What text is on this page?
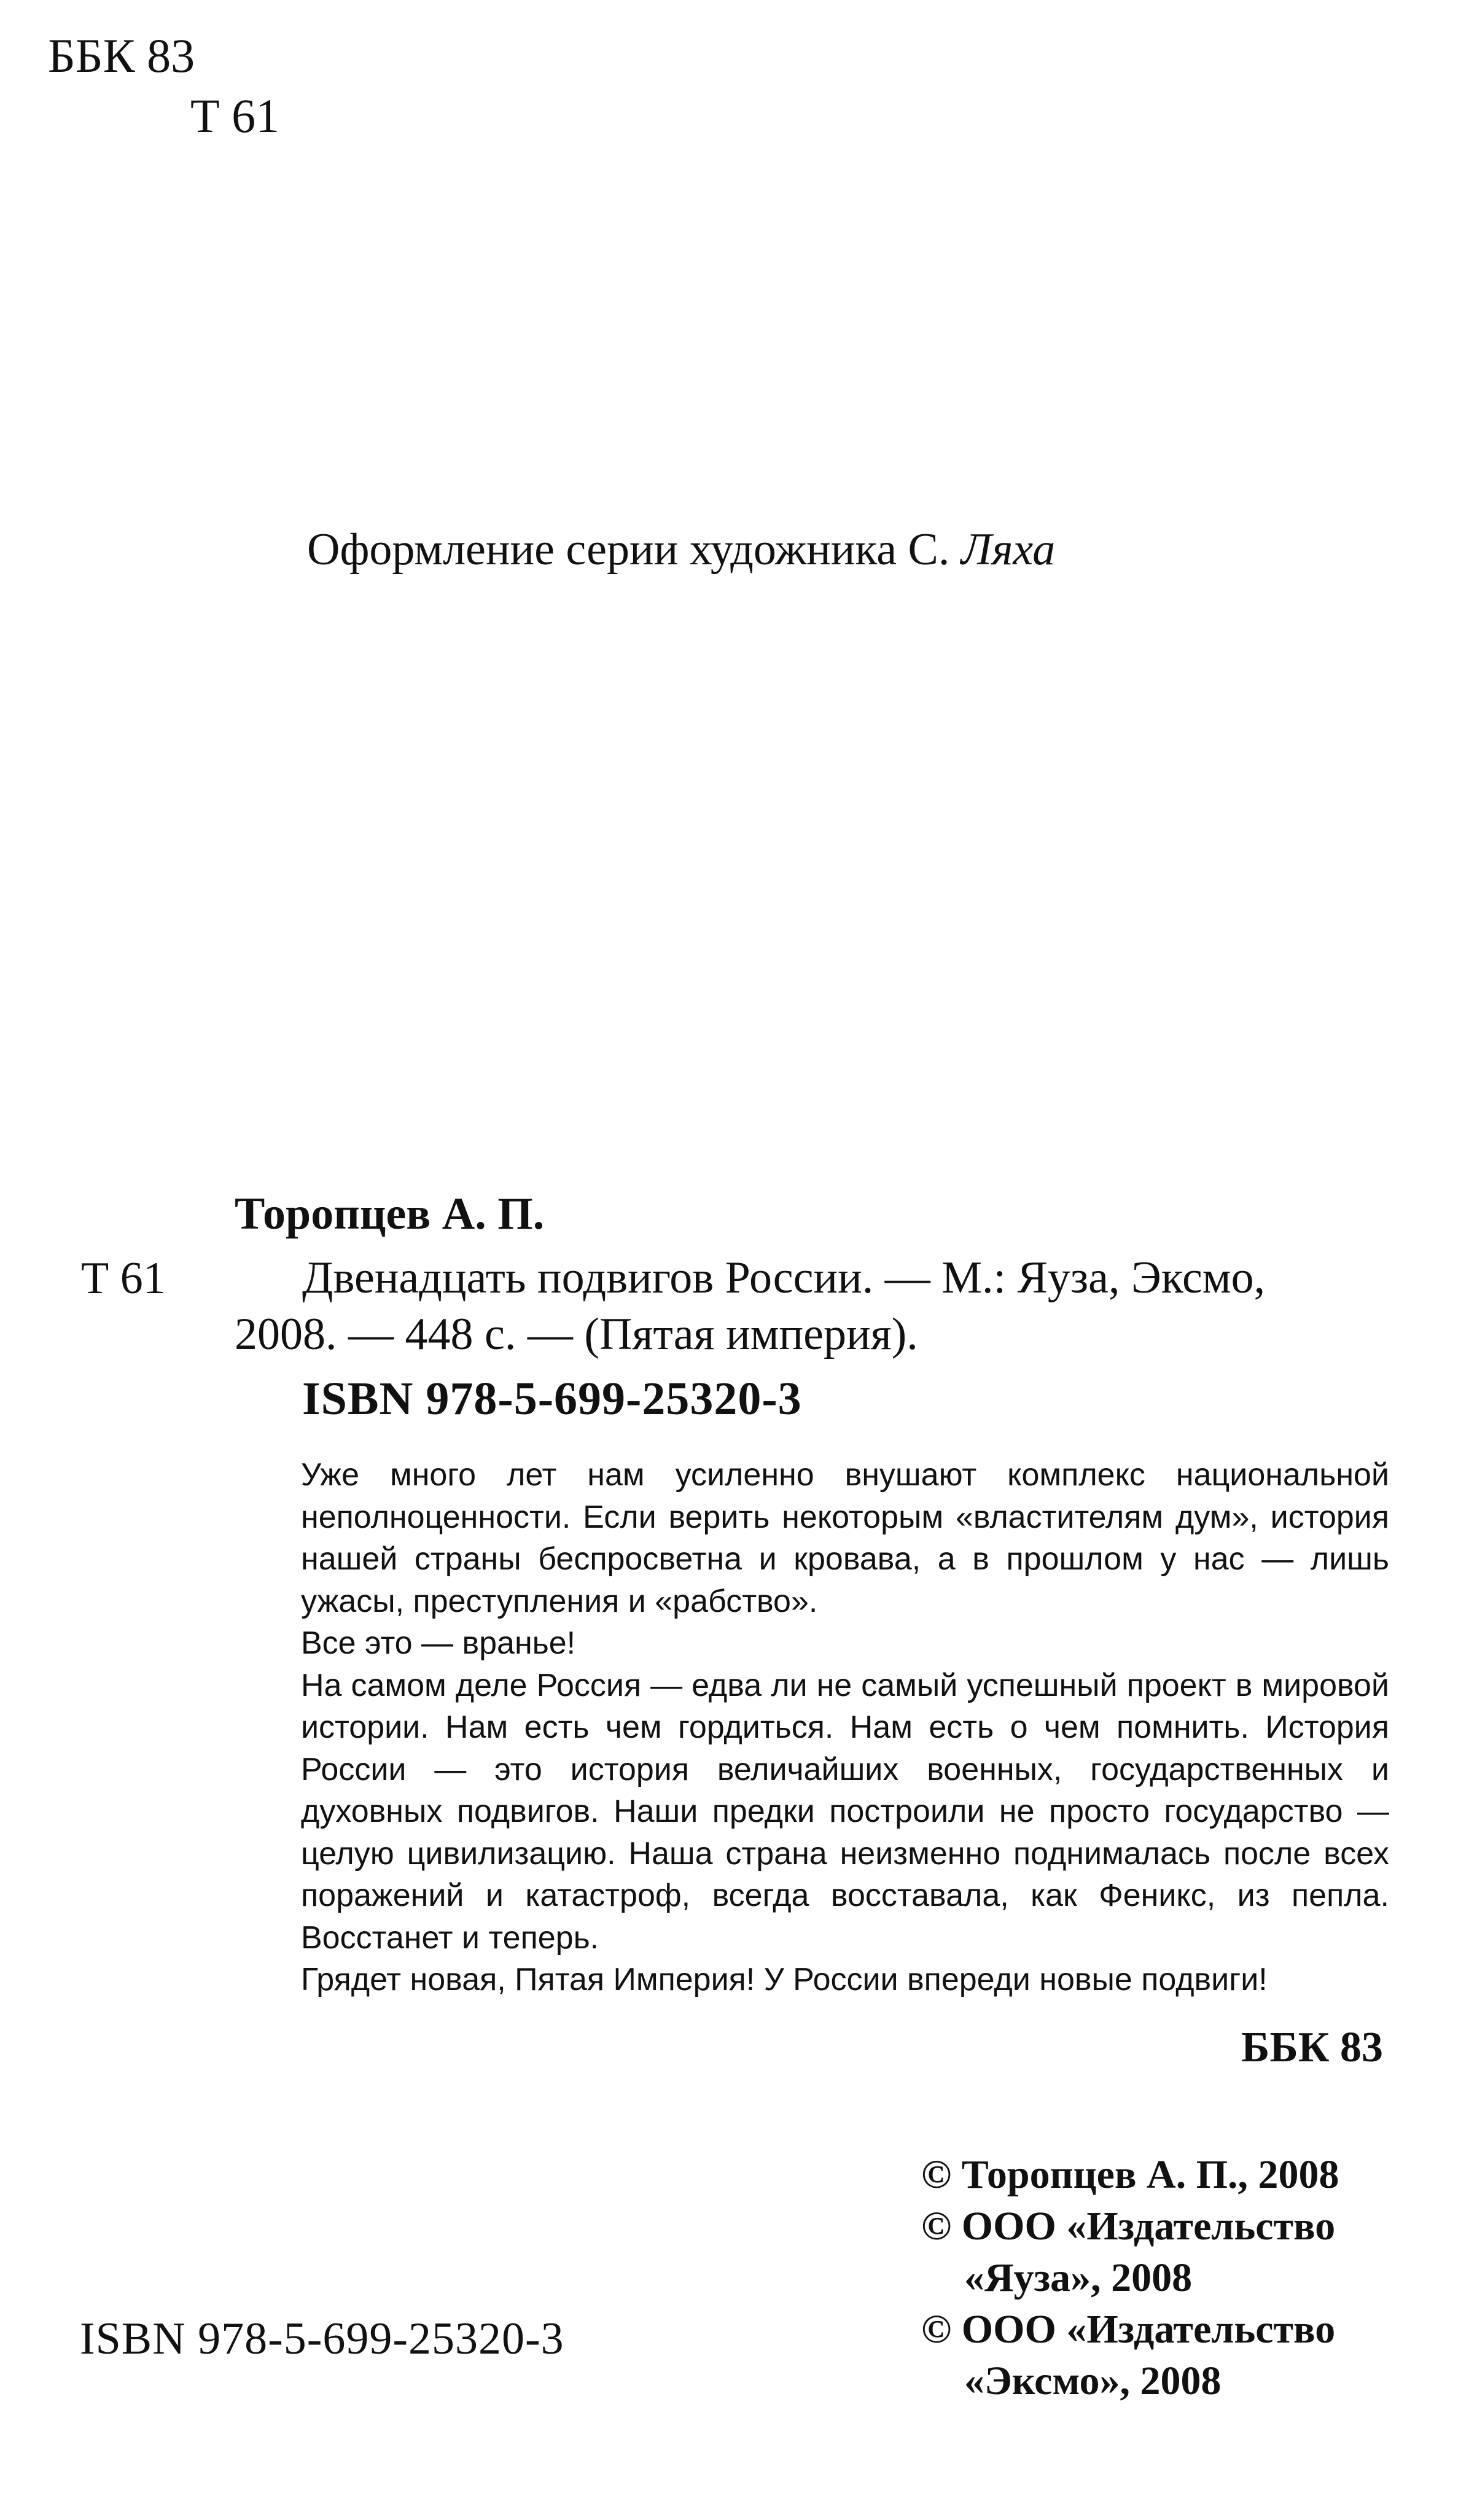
ББК 83
Т 61
Оформление серии художника С. Ляха
Торопцев А. П.
Т 61	Двенадцать подвигов России. — М.: Яуза, Эксмо,
2008. — 448 с. — (Пятая империя).
ISBN 978-5-699-25320-3

Уже много лет нам усиленно внушают комплекс национальной неполноценности. Если верить некоторым «властителям дум», история нашей страны беспросветна и кровава, а в прошлом у нас — лишь ужасы, преступления и «рабство».

Все это — вранье!

На самом деле Россия — едва ли не самый успешный проект в мировой истории. Нам есть чем гордиться. Нам есть о чем помнить. История России — это история величайших военных, государственных и духовных подвигов. Наши предки построили не просто государство — целую цивилизацию. Наша страна неизменно поднималась после всех поражений и катастроф, всегда восставала, как Феникс, из пепла. Восстанет и теперь.

Грядет новая, Пятая Империя! У России впереди новые подвиги!

ББК 83
© Торопцев А. П., 2008
© ООО «Издательство
«Яуза», 2008
© ООО «Издательство
«Эксмо», 2008
ISBN 978-5-699-25320-3
